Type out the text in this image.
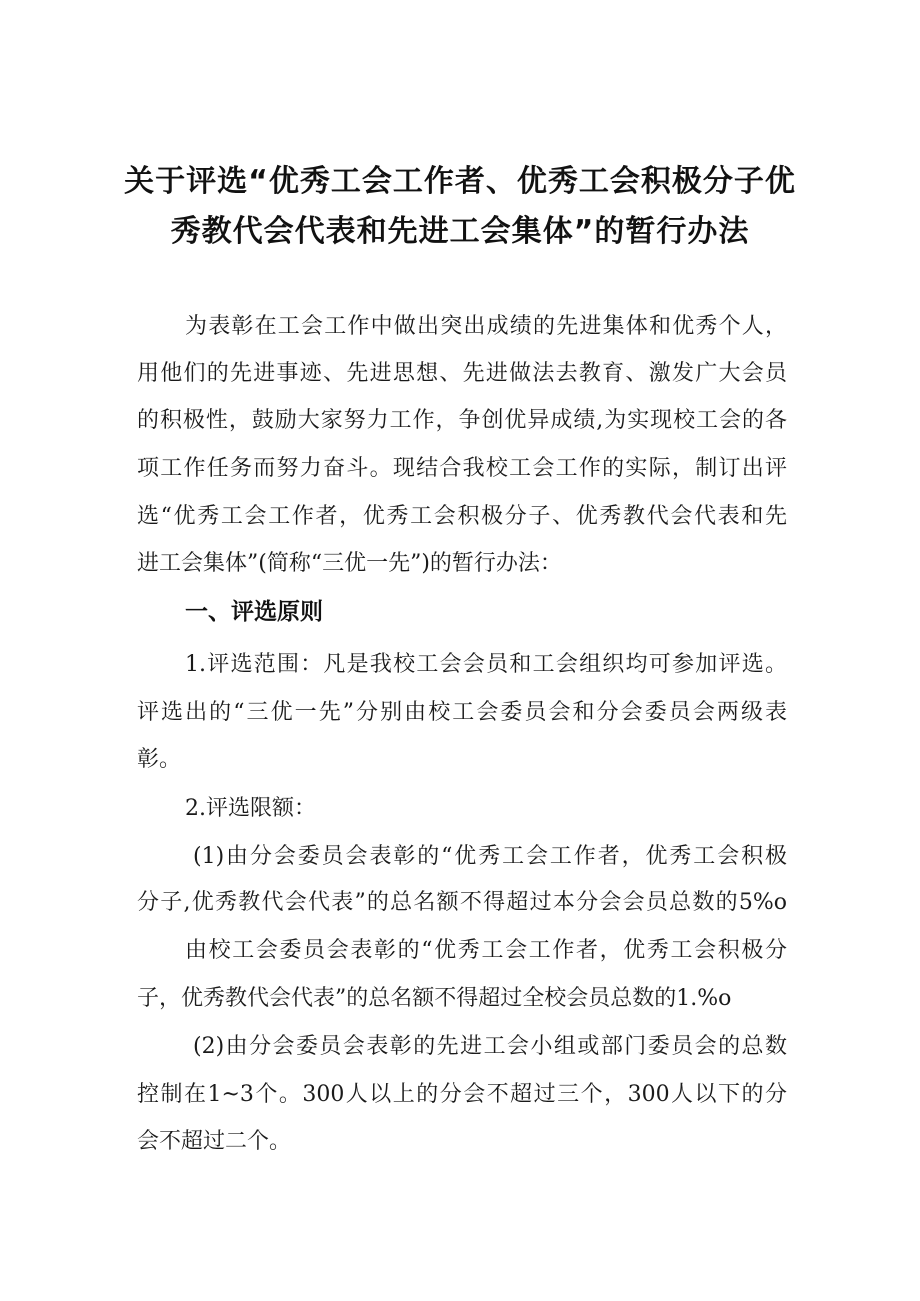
关于评选“优秀工会工作者、优秀工会积极分子优
秀教代会代表和先进工会集体”的暂行办法
为表彰在工会工作中做出突出成绩的先进集体和优秀个人，
用他们的先进事迹、先进思想、先进做法去教育、激发广大会员
的积极性，鼓励大家努力工作，争创优异成绩,为实现校工会的各
项工作任务而努力奋斗。现结合我校工会工作的实际，制订出评
选“优秀工会工作者，优秀工会积极分子、优秀教代会代表和先
进工会集体”(简称“三优一先”)的暂行办法：
一、评选原则
1.评选范围：凡是我校工会会员和工会组织均可参加评选。
评选出的“三优一先”分别由校工会委员会和分会委员会两级表
彰。
2.评选限额：
(1)由分会委员会表彰的“优秀工会工作者，优秀工会积极
分子,优秀教代会代表”的总名额不得超过本分会会员总数的5%o
由校工会委员会表彰的“优秀工会工作者，优秀工会积极分
子，优秀教代会代表”的总名额不得超过全校会员总数的1.%o
(2)由分会委员会表彰的先进工会小组或部门委员会的总数
控制在1~3个。300人以上的分会不超过三个，300人以下的分
会不超过二个。
